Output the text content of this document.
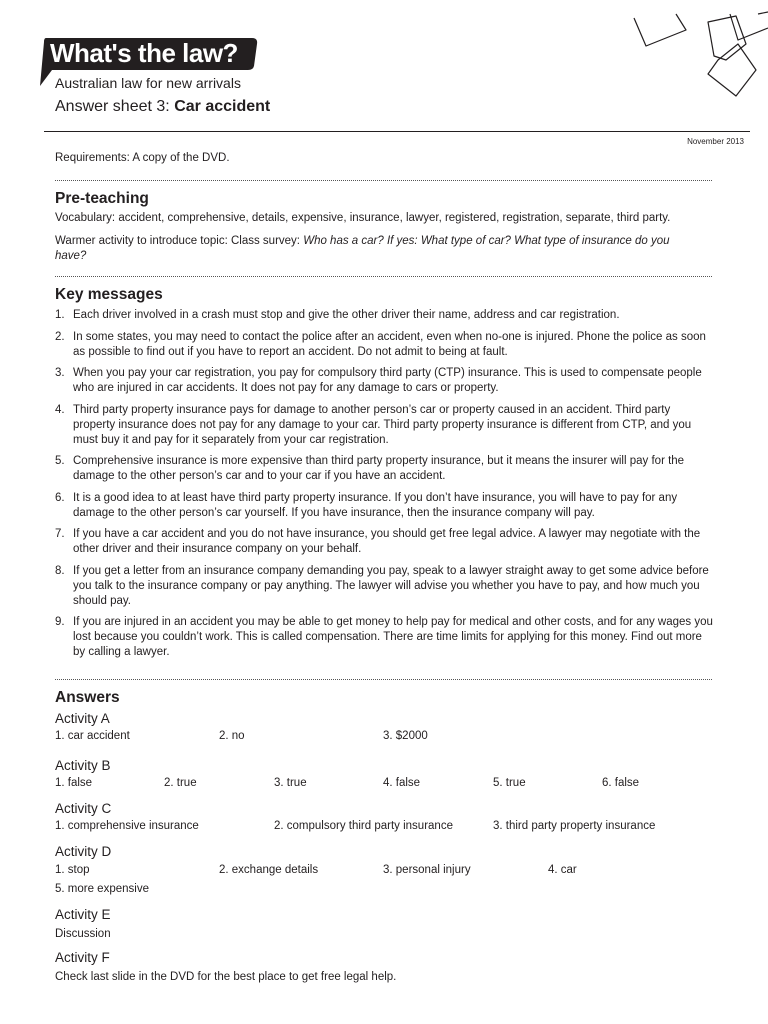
What's the law?
Australian law for new arrivals
Answer sheet 3: Car accident
November 2013
Requirements: A copy of the DVD.
Pre-teaching
Vocabulary: accident, comprehensive, details, expensive, insurance, lawyer, registered, registration, separate, third party.
Warmer activity to introduce topic: Class survey: Who has a car? If yes: What type of car? What type of insurance do you have?
Key messages
1. Each driver involved in a crash must stop and give the other driver their name, address and car registration.
2. In some states, you may need to contact the police after an accident, even when no-one is injured. Phone the police as soon as possible to find out if you have to report an accident. Do not admit to being at fault.
3. When you pay your car registration, you pay for compulsory third party (CTP) insurance. This is used to compensate people who are injured in car accidents. It does not pay for any damage to cars or property.
4. Third party property insurance pays for damage to another person’s car or property caused in an accident. Third party property insurance does not pay for any damage to your car. Third party property insurance is different from CTP, and you must buy it and pay for it separately from your car registration.
5. Comprehensive insurance is more expensive than third party property insurance, but it means the insurer will pay for the damage to the other person’s car and to your car if you have an accident.
6. It is a good idea to at least have third party property insurance. If you don’t have insurance, you will have to pay for any damage to the other person’s car yourself. If you have insurance, then the insurance company will pay.
7. If you have a car accident and you do not have insurance, you should get free legal advice. A lawyer may negotiate with the other driver and their insurance company on your behalf.
8. If you get a letter from an insurance company demanding you pay, speak to a lawyer straight away to get some advice before you talk to the insurance company or pay anything. The lawyer will advise you whether you have to pay, and how much you should pay.
9. If you are injured in an accident you may be able to get money to help pay for medical and other costs, and for any wages you lost because you couldn’t work. This is called compensation. There are time limits for applying for this money. Find out more by calling a lawyer.
Answers
Activity A
1. car accident	2. no	3. $2000
Activity B
1. false	2. true	3. true	4. false	5. true	6. false
Activity C
1. comprehensive insurance	2. compulsory third party insurance	3. third party property insurance
Activity D
1. stop	2. exchange details	3. personal injury	4. car
5. more expensive
Activity E
Discussion
Activity F
Check last slide in the DVD for the best place to get free legal help.
